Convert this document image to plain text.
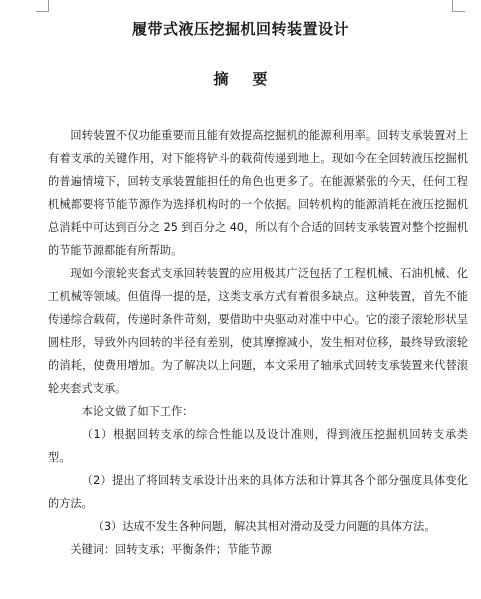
履带式液压挖掘机回转装置设计
摘要

回转装置不仅功能重要而且能有效提高挖掘机的能源利用率。回转支承装置对上有着支承的关键作用，对下能将铲斗的载荷传递到地上。现如今在全回转液压挖掘机的普遍情境下，回转支承装置能担任的角色也更多了。在能源紧张的今天，任何工程机械都要将节能节源作为选择机构时的一个依据。回转机构的能源消耗在液压挖掘机总消耗中可达到百分之 25 到百分之 40，所以有个合适的回转支承装置对整个挖掘机的节能节源都能有所帮助。

现如今滚轮夹套式支承回转装置的应用极其广泛包括了工程机械、石油机械、化工机械等领域。但值得一提的是，这类支承方式有着很多缺点。这种装置，首先不能传递综合载荷，传递时条件苛刻，要借助中央驱动对准中中心。它的滚子滚轮形状呈圆柱形，导致外内回转的半径有差别，使其摩擦减小，发生相对位移，最终导致滚轮的消耗，使费用增加。为了解决以上问题，本文采用了轴承式回转支承装置来代替滚轮夹套式支承。

本论文做了如下工作：

（1）根据回转支承的综合性能以及设计准则，得到液压挖掘机回转支承类型。

（2）提出了将回转支承设计出来的具体方法和计算其各个部分强度具体变化的方法。

（3）达成不发生各种问题，解决其相对滑动及受力问题的具体方法。

关键词：回转支承；平衡条件；节能节源
